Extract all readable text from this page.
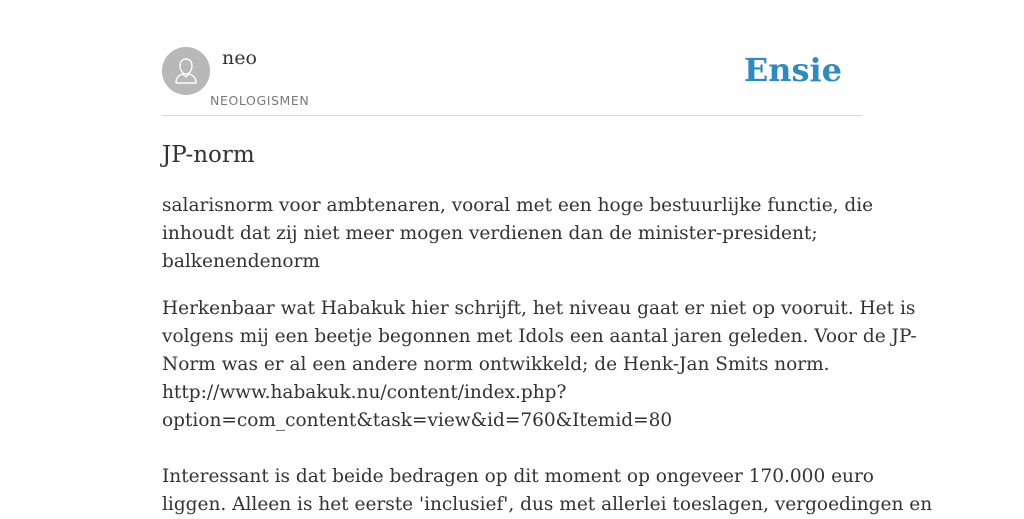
neo
NEOLOGISMEN
Ensie
JP-norm

salarisnorm voor ambtenaren, vooral met een hoge bestuurlijke functie, die
inhoudt dat zij niet meer mogen verdienen dan de minister-president;
balkenendenorm

Herkenbaar wat Habakuk hier schrijft, het niveau gaat er niet op vooruit. Het is
volgens mij een beetje begonnen met Idols een aantal jaren geleden. Voor de JP-
Norm was er al een andere norm ontwikkeld; de Henk-Jan Smits norm.
http://www.habakuk.nu/content/index.php?
option=com_content&task=view&id=760&Itemid=80

Interessant is dat beide bedragen op dit moment op ongeveer 170.000 euro
liggen. Alleen is het eerste 'inclusief', dus met allerlei toeslagen, vergoedingen en
